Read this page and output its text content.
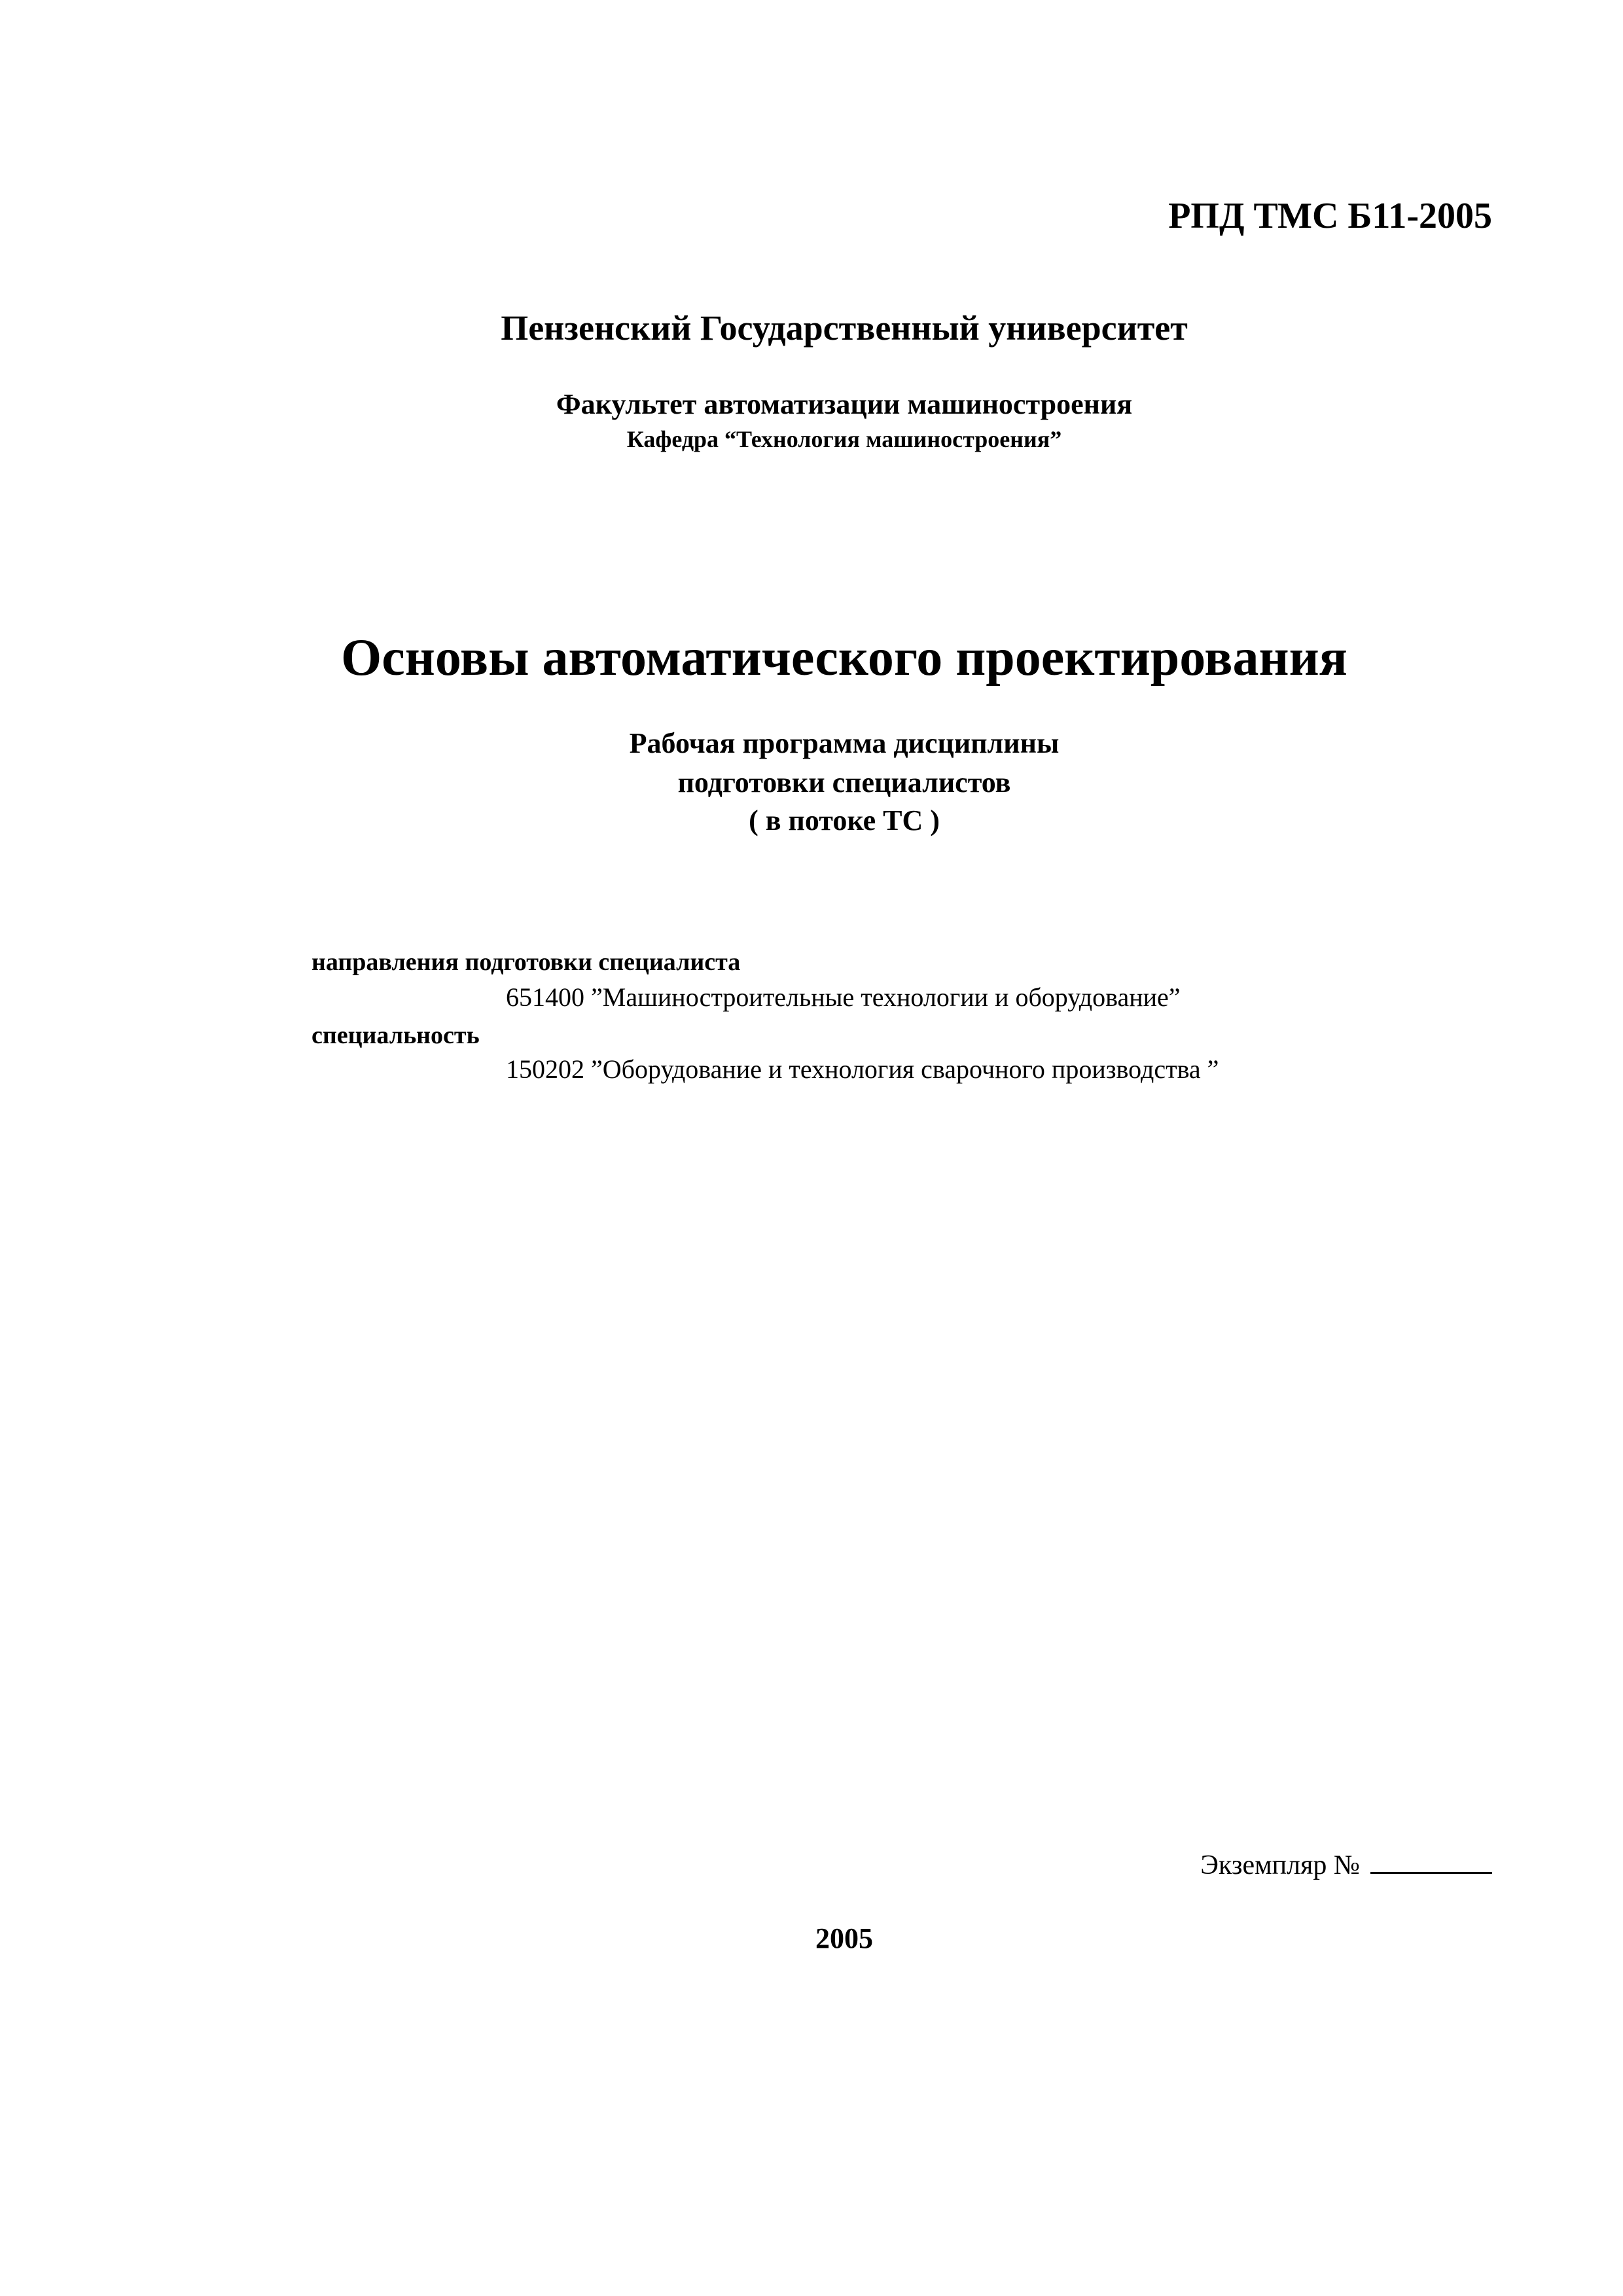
РПД ТМС Б11-2005
Пензенский Государственный университет
Факультет автоматизации машиностроения
Кафедра “Технология машиностроения”
Основы автоматического проектирования
Рабочая программа дисциплины
подготовки специалистов
( в потоке ТС )
направления подготовки специалиста
651400 ”Машиностроительные технологии и оборудование”
специальность
150202 ”Оборудование и технология сварочного производства ”
Экземпляр №
2005
